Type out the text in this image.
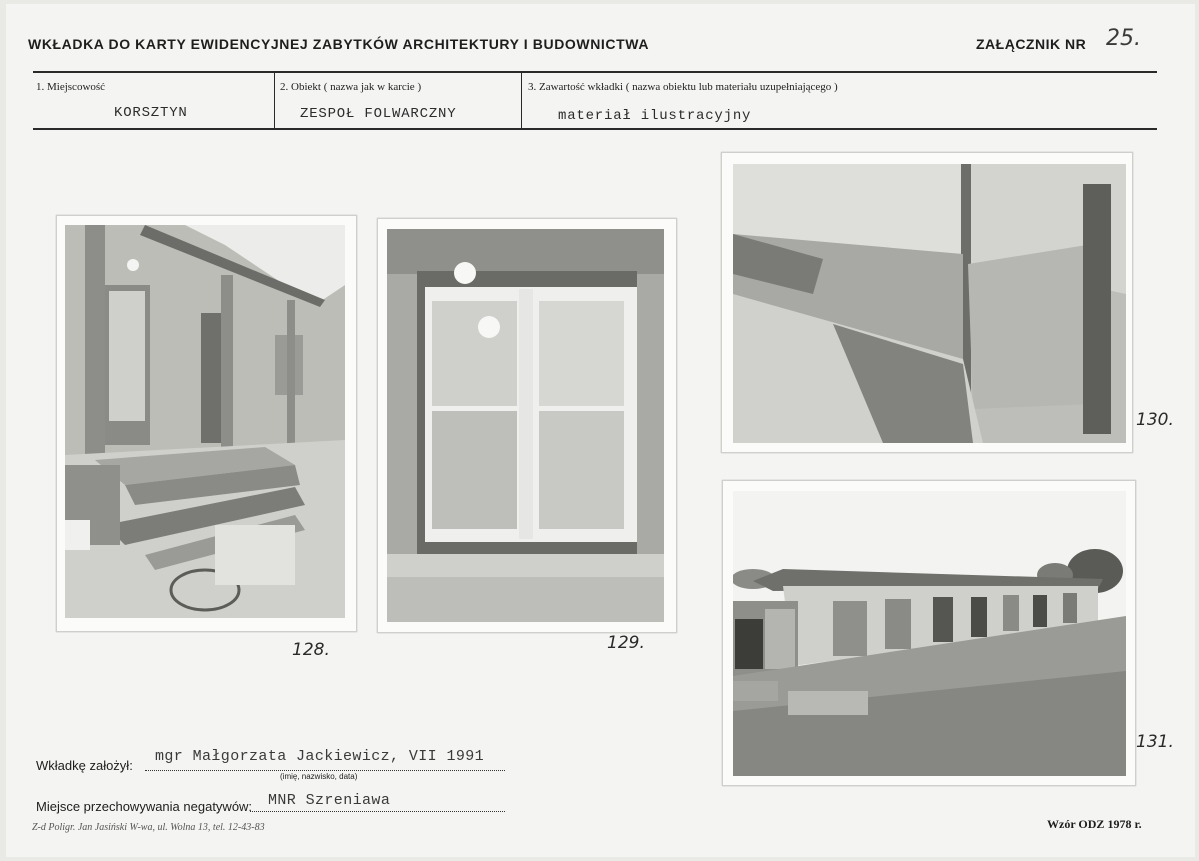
WKŁADKA DO KARTY EWIDENCYJNEJ ZABYTKÓW ARCHITEKTURY I BUDOWNICTWA	ZAŁĄCZNIK NR 25.
1. Miejscowość
KORSZTYN
2. Obiekt ( nazwa jak w karcie )
ZESPOŁ FOLWARCZNY
3. Zawartość wkładki ( nazwa obiektu lub materiału uzupełniającego )
materiał ilustracyjny
128.	129.
130.
131.
Wkładkę założył:
mgr Małgorzata Jackiewicz, VII 1991
(imię, nazwisko, data)
Miejsce przechowywania negatywów: MNR Szreniawa
Z-d Poligr. Jan Jasiński W-wa, ul. Wolna 13, tel. 12-43-83	Wzór ODZ 1978 r.
